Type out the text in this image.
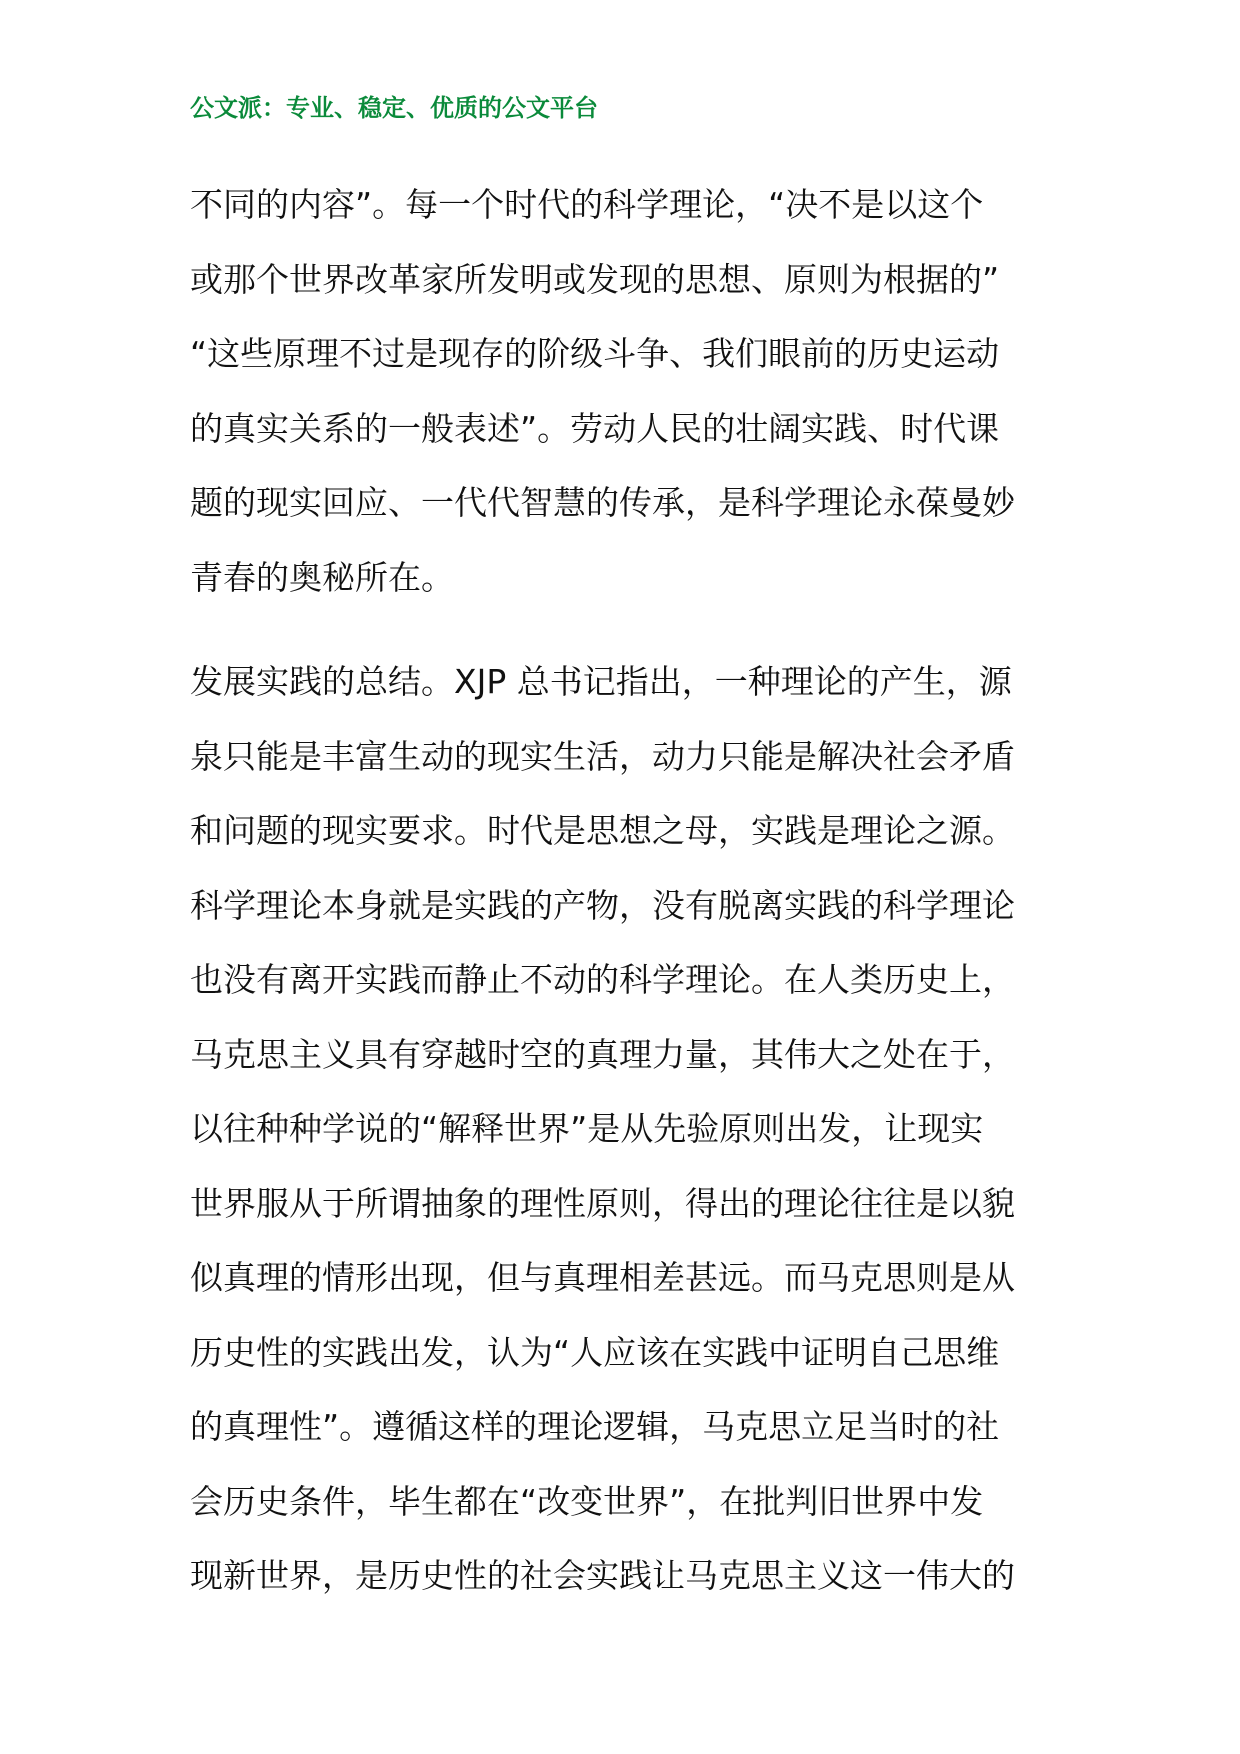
公文派：专业、稳定、优质的公文平台
不同的内容”。每一个时代的科学理论，“决不是以这个
或那个世界改革家所发明或发现的思想、原则为根据的”
“这些原理不过是现存的阶级斗争、我们眼前的历史运动
的真实关系的一般表述”。劳动人民的壮阔实践、时代课
题的现实回应、一代代智慧的传承，是科学理论永葆曼妙
青春的奥秘所在。
发展实践的总结。XJP 总书记指出，一种理论的产生，源
泉只能是丰富生动的现实生活，动力只能是解决社会矛盾
和问题的现实要求。时代是思想之母，实践是理论之源。
科学理论本身就是实践的产物，没有脱离实践的科学理论
也没有离开实践而静止不动的科学理论。在人类历史上，
马克思主义具有穿越时空的真理力量，其伟大之处在于，
以往种种学说的“解释世界”是从先验原则出发，让现实
世界服从于所谓抽象的理性原则，得出的理论往往是以貌
似真理的情形出现，但与真理相差甚远。而马克思则是从
历史性的实践出发，认为“人应该在实践中证明自己思维
的真理性”。遵循这样的理论逻辑，马克思立足当时的社
会历史条件，毕生都在“改变世界”，在批判旧世界中发
现新世界，是历史性的社会实践让马克思主义这一伟大的
